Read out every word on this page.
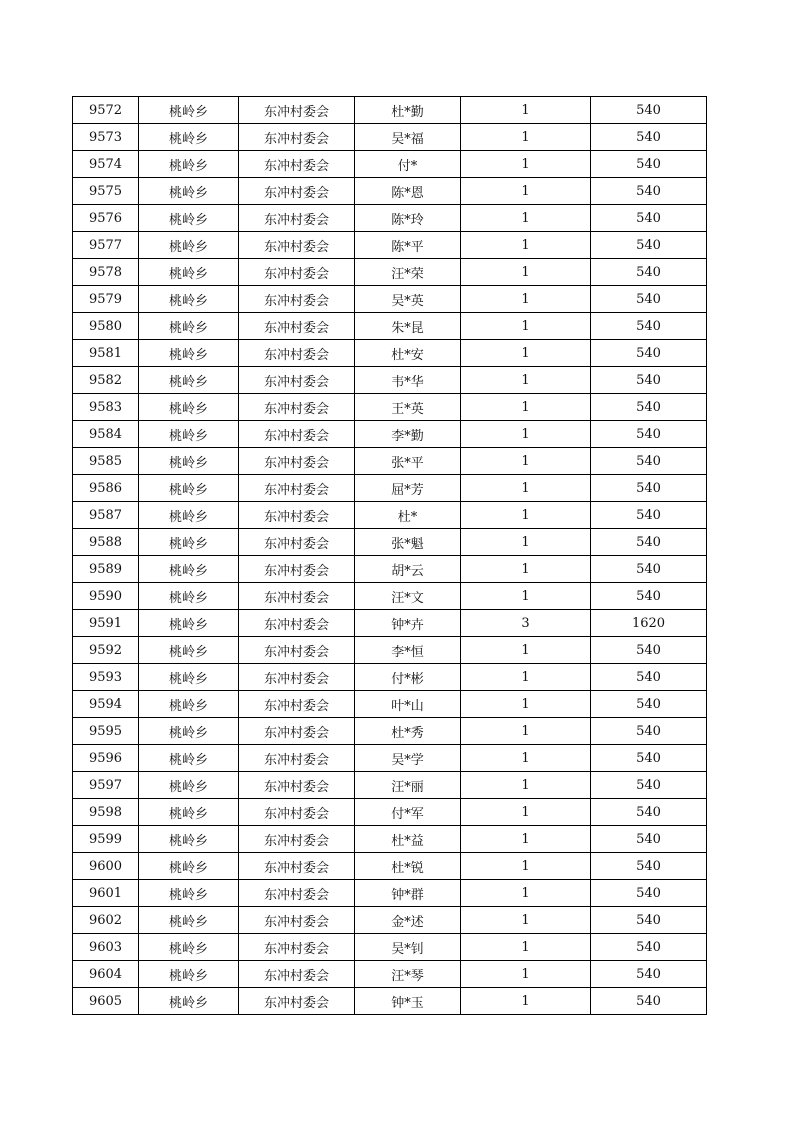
9572	桃岭乡	东冲村委会	杜*勤	1	540
9573	桃岭乡	东冲村委会	吴*福	1	540
9574	桃岭乡	东冲村委会	付*	1	540
9575	桃岭乡	东冲村委会	陈*恩	1	540
9576	桃岭乡	东冲村委会	陈*玲	1	540
9577	桃岭乡	东冲村委会	陈*平	1	540
9578	桃岭乡	东冲村委会	汪*荣	1	540
9579	桃岭乡	东冲村委会	吴*英	1	540
9580	桃岭乡	东冲村委会	朱*昆	1	540
9581	桃岭乡	东冲村委会	杜*安	1	540
9582	桃岭乡	东冲村委会	韦*华	1	540
9583	桃岭乡	东冲村委会	王*英	1	540
9584	桃岭乡	东冲村委会	李*勤	1	540
9585	桃岭乡	东冲村委会	张*平	1	540
9586	桃岭乡	东冲村委会	屈*芳	1	540
9587	桃岭乡	东冲村委会	杜*	1	540
9588	桃岭乡	东冲村委会	张*魁	1	540
9589	桃岭乡	东冲村委会	胡*云	1	540
9590	桃岭乡	东冲村委会	汪*文	1	540
9591	桃岭乡	东冲村委会	钟*卉	3	1620
9592	桃岭乡	东冲村委会	李*恒	1	540
9593	桃岭乡	东冲村委会	付*彬	1	540
9594	桃岭乡	东冲村委会	叶*山	1	540
9595	桃岭乡	东冲村委会	杜*秀	1	540
9596	桃岭乡	东冲村委会	吴*学	1	540
9597	桃岭乡	东冲村委会	汪*丽	1	540
9598	桃岭乡	东冲村委会	付*军	1	540
9599	桃岭乡	东冲村委会	杜*益	1	540
9600	桃岭乡	东冲村委会	杜*锐	1	540
9601	桃岭乡	东冲村委会	钟*群	1	540
9602	桃岭乡	东冲村委会	金*述	1	540
9603	桃岭乡	东冲村委会	吴*钊	1	540
9604	桃岭乡	东冲村委会	汪*琴	1	540
9605	桃岭乡	东冲村委会	钟*玉	1	540
